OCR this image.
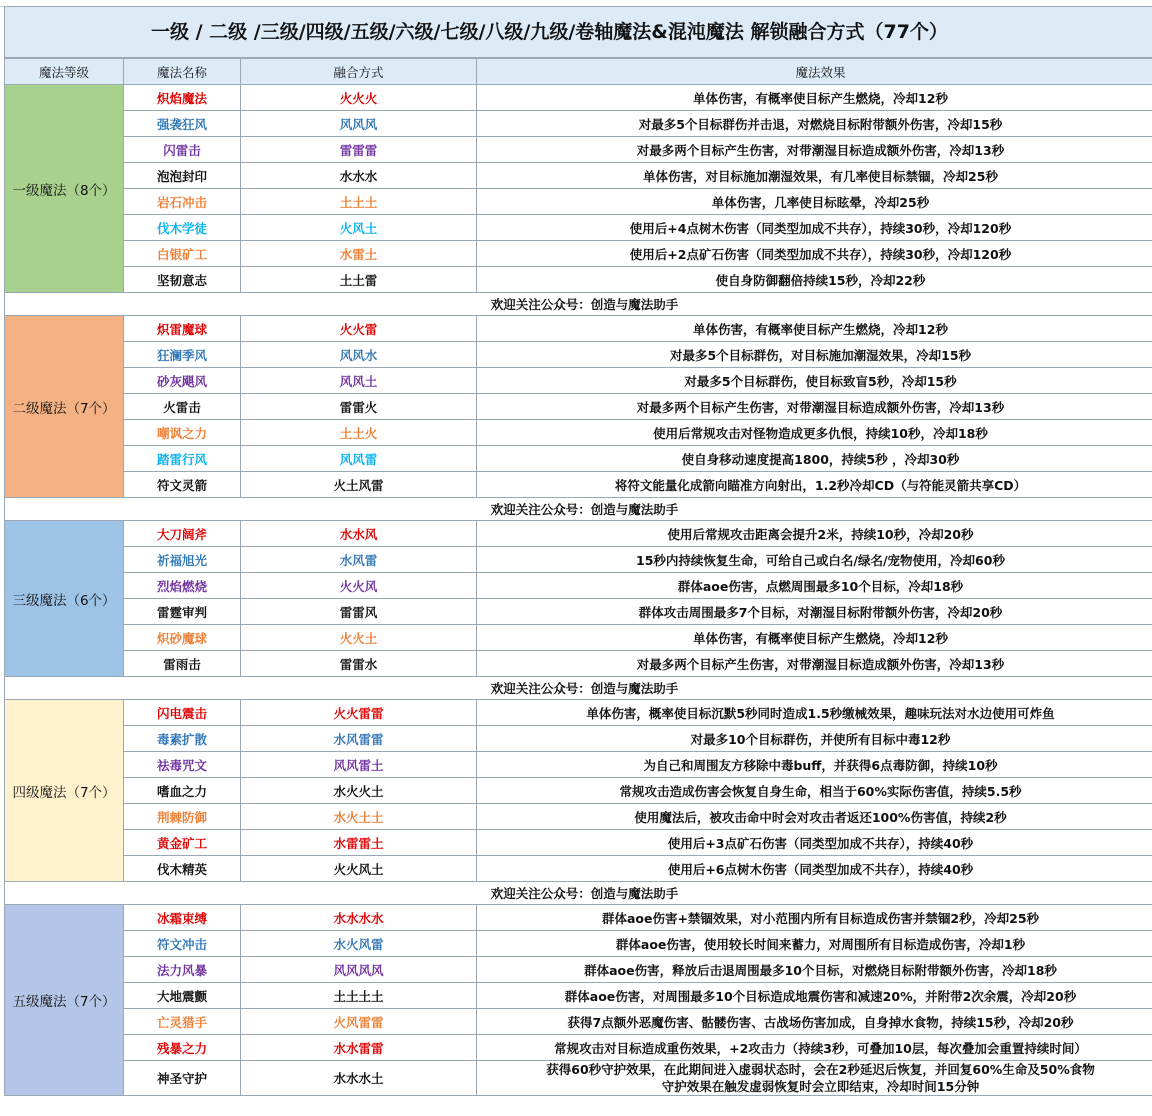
一级 / 二级 /三级/四级/五级/六级/七级/八级/九级/卷轴魔法&混沌魔法 解锁融合方式（77个）
魔法等级	魔法名称	融合方式	魔法效果
一级魔法（8个）	炽焰魔法	火火火	单体伤害，有概率使目标产生燃烧，冷却12秒
	强袭狂风	风风风	对最多5个目标群伤并击退，对燃烧目标附带额外伤害，冷却15秒
	闪雷击	雷雷雷	对最多两个目标产生伤害，对带潮湿目标造成额外伤害，冷却13秒
	泡泡封印	水水水	单体伤害，对目标施加潮湿效果，有几率使目标禁锢，冷却25秒
	岩石冲击	土土土	单体伤害，几率使目标眩晕，冷却25秒
	伐木学徒	火风土	使用后+4点树木伤害（同类型加成不共存），持续30秒，冷却120秒
	白银矿工	水雷土	使用后+2点矿石伤害（同类型加成不共存），持续30秒，冷却120秒
	坚韧意志	土土雷	使自身防御翻倍持续15秒，冷却22秒
欢迎关注公众号：创造与魔法助手			
二级魔法（7个）	炽雷魔球	火火雷	单体伤害，有概率使目标产生燃烧，冷却12秒
	狂澜季风	风风水	对最多5个目标群伤，对目标施加潮湿效果，冷却15秒
	砂灰飓风	风风土	对最多5个目标群伤，使目标致盲5秒，冷却15秒
	火雷击	雷雷火	对最多两个目标产生伤害，对带潮湿目标造成额外伤害，冷却13秒
	嘲讽之力	土土火	使用后常规攻击对怪物造成更多仇恨，持续10秒，冷却18秒
	踏雷行风	风风雷	使自身移动速度提高1800，持续5秒 ，冷却30秒
	符文灵箭	火土风雷	将符文能量化成箭向瞄准方向射出，1.2秒冷却CD（与符能灵箭共享CD）
欢迎关注公众号：创造与魔法助手			
三级魔法（6个）	大刀阔斧	水水风	使用后常规攻击距离会提升2米，持续10秒，冷却20秒
	祈福旭光	水风雷	15秒内持续恢复生命，可给自己或白名/绿名/宠物使用，冷却60秒
	烈焰燃烧	火火风	群体aoe伤害，点燃周围最多10个目标，冷却18秒
	雷霆审判	雷雷风	群体攻击周围最多7个目标，对潮湿目标附带额外伤害，冷却20秒
	炽砂魔球	火火土	单体伤害，有概率使目标产生燃烧，冷却12秒
	雷雨击	雷雷水	对最多两个目标产生伤害，对带潮湿目标造成额外伤害，冷却13秒
欢迎关注公众号：创造与魔法助手			
四级魔法（7个）	闪电震击	火火雷雷	单体伤害，概率使目标沉默5秒同时造成1.5秒缴械效果，趣味玩法对水边使用可炸鱼
	毒素扩散	水风雷雷	对最多10个目标群伤，并使所有目标中毒12秒
	祛毒咒文	风风雷土	为自己和周围友方移除中毒buff，并获得6点毒防御，持续10秒
	嗜血之力	水火火土	常规攻击造成伤害会恢复自身生命，相当于60%实际伤害值，持续5.5秒
	荆棘防御	水火土土	使用魔法后，被攻击命中时会对攻击者返还100%伤害值，持续2秒
	黄金矿工	水雷雷土	使用后+3点矿石伤害（同类型加成不共存），持续40秒
	伐木精英	火火风土	使用后+6点树木伤害（同类型加成不共存），持续40秒
欢迎关注公众号：创造与魔法助手			
五级魔法（7个）	冰霜束缚	水水水水	群体aoe伤害+禁锢效果，对小范围内所有目标造成伤害并禁锢2秒，冷却25秒
	符文冲击	水火风雷	群体aoe伤害，使用较长时间来蓄力，对周围所有目标造成伤害，冷却1秒
	法力风暴	风风风风	群体aoe伤害，释放后击退周围最多10个目标，对燃烧目标附带额外伤害，冷却18秒
	大地震颤	土土土土	群体aoe伤害，对周围最多10个目标造成地震伤害和减速20%，并附带2次余震，冷却20秒
	亡灵猎手	火风雷雷	获得7点额外恶魔伤害、骷髅伤害、古战场伤害加成，自身掉水食物，持续15秒，冷却20秒
	残暴之力	水水雷雷	常规攻击对目标造成重伤效果，+2攻击力（持续3秒，可叠加10层，每次叠加会重置持续时间）
	神圣守护	水水水土	获得60秒守护效果，在此期间进入虚弱状态时，会在2秒延迟后恢复，并回复60%生命及50%食物
守护效果在触发虚弱恢复时会立即结束，冷却时间15分钟
